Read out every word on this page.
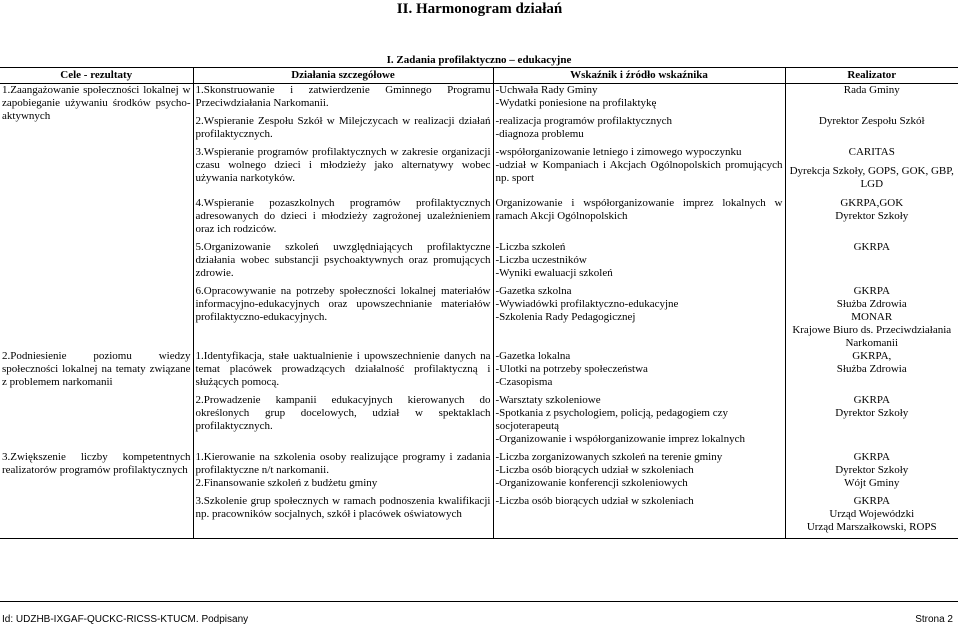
II. Harmonogram działań
I. Zadania profilaktyczno – edukacyjne			
Cele - rezultaty	Działania szczegółowe	Wskaźnik i źródło wskaźnika	Realizator
1.Zaangażowanie społeczności lokalnej w zapobieganie używaniu środków psycho-aktywnych	1.Skonstruowanie i zatwierdzenie Gminnego Programu Przeciwdziałania Narkomanii.	-Uchwała Rady Gminy
-Wydatki poniesione na profilaktykę	Rada Gminy

	2.Wspieranie Zespołu Szkół w Milejczycach w realizacji działań profilaktycznych.	-realizacja programów profilaktycznych
-diagnoza problemu	Dyrektor Zespołu Szkół

	3.Wspieranie programów profilaktycznych w zakresie organizacji czasu wolnego dzieci i młodzieży jako alternatywy wobec używania narkotyków.	-współorganizowanie letniego i zimowego wypoczynku
-udział w Kompaniach i Akcjach Ogólnopolskich promujących np. sport	CARITAS
Dyrekcja Szkoły, GOPS, GOK, GBP, LGD

	4.Wspieranie pozaszkolnych programów profilaktycznych adresowanych do dzieci i młodzieży zagrożonej uzależnieniem oraz ich rodziców.	Organizowanie i współorganizowanie imprez lokalnych w ramach Akcji Ogólnopolskich	GKRPA,GOK
Dyrektor Szkoły

	5.Organizowanie szkoleń uwzględniających profilaktyczne działania wobec substancji psychoaktywnych oraz promujących zdrowie.	-Liczba szkoleń
-Liczba uczestników
-Wyniki ewaluacji szkoleń	GKRPA

	6.Opracowywanie na potrzeby społeczności lokalnej materiałów informacyjno-edukacyjnych oraz upowszechnianie materiałów profilaktyczno-edukacyjnych.	-Gazetka szkolna
-Wywiadówki profilaktyczno-edukacyjne
-Szkolenia Rady Pedagogicznej	GKRPA
Służba Zdrowia
MONAR
Krajowe Biuro ds. Przeciwdziałania Narkomanii

2.Podniesienie poziomu wiedzy społeczności lokalnej na tematy związane z problemem narkomanii	1.Identyfikacja, stałe uaktualnienie i upowszechnienie danych na temat placówek prowadzących działalność profilaktyczną i służących pomocą.	-Gazetka lokalna
-Ulotki na potrzeby społeczeństwa
-Czasopisma	GKRPA,
Służba Zdrowia

	2.Prowadzenie kampanii edukacyjnych kierowanych do określonych grup docelowych, udział w spektaklach profilaktycznych.	-Warsztaty szkoleniowe
-Spotkania z psychologiem, policją, pedagogiem czy socjoterapeutą
-Organizowanie i współorganizowanie imprez lokalnych	GKRPA
Dyrektor Szkoły

3.Zwiększenie liczby kompetentnych realizatorów programów profilaktycznych	1.Kierowanie na szkolenia osoby realizujące programy i zadania profilaktyczne n/t narkomanii.
2.Finansowanie szkoleń z budżetu gminy	-Liczba zorganizowanych szkoleń na terenie gminy
-Liczba osób biorących udział w szkoleniach
-Organizowanie konferencji szkoleniowych	GKRPA
Dyrektor Szkoły
Wójt Gminy

	3.Szkolenie grup społecznych w ramach podnoszenia kwalifikacji np. pracowników socjalnych, szkół i placówek oświatowych	-Liczba osób biorących udział w szkoleniach	GKRPA
Urząd Wojewódzki
Urząd Marszałkowski, ROPS

Id: UDZHB-IXGAF-QUCKC-RICSS-KTUCM. Podpisany	Strona 2
